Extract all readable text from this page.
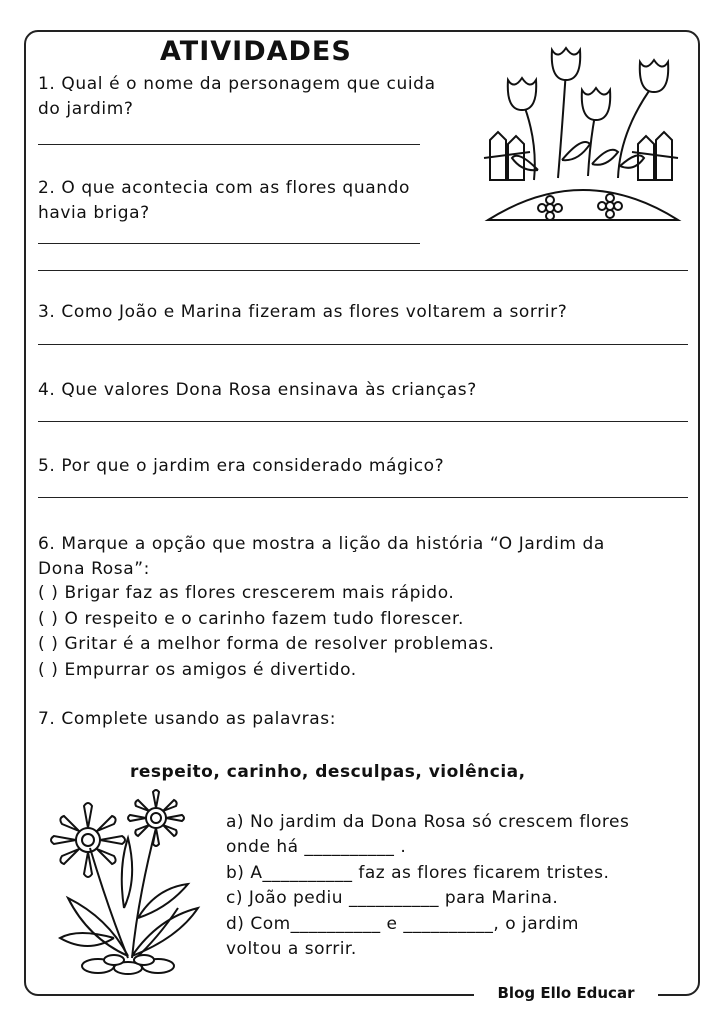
ATIVIDADES
1. Qual é o nome da personagem que cuida
do jardim?
2. O que acontecia com as flores quando
havia briga?
3. Como João e Marina fizeram as flores voltarem a sorrir?
4. Que valores Dona Rosa ensinava às crianças?
5. Por que o jardim era considerado mágico?
6. Marque a opção que mostra a lição da história “O Jardim da
Dona Rosa”:
( ) Brigar faz as flores crescerem mais rápido.
( ) O respeito e o carinho fazem tudo florescer.
( ) Gritar é a melhor forma de resolver problemas.
( ) Empurrar os amigos é divertido.
7. Complete usando as palavras:
respeito, carinho, desculpas, violência,
a) No jardim da Dona Rosa só crescem flores
onde há __________ .
b) A__________ faz as flores ficarem tristes.
c) João pediu __________ para Marina.
d) Com__________ e __________, o jardim
voltou a sorrir.
Blog Ello Educar
